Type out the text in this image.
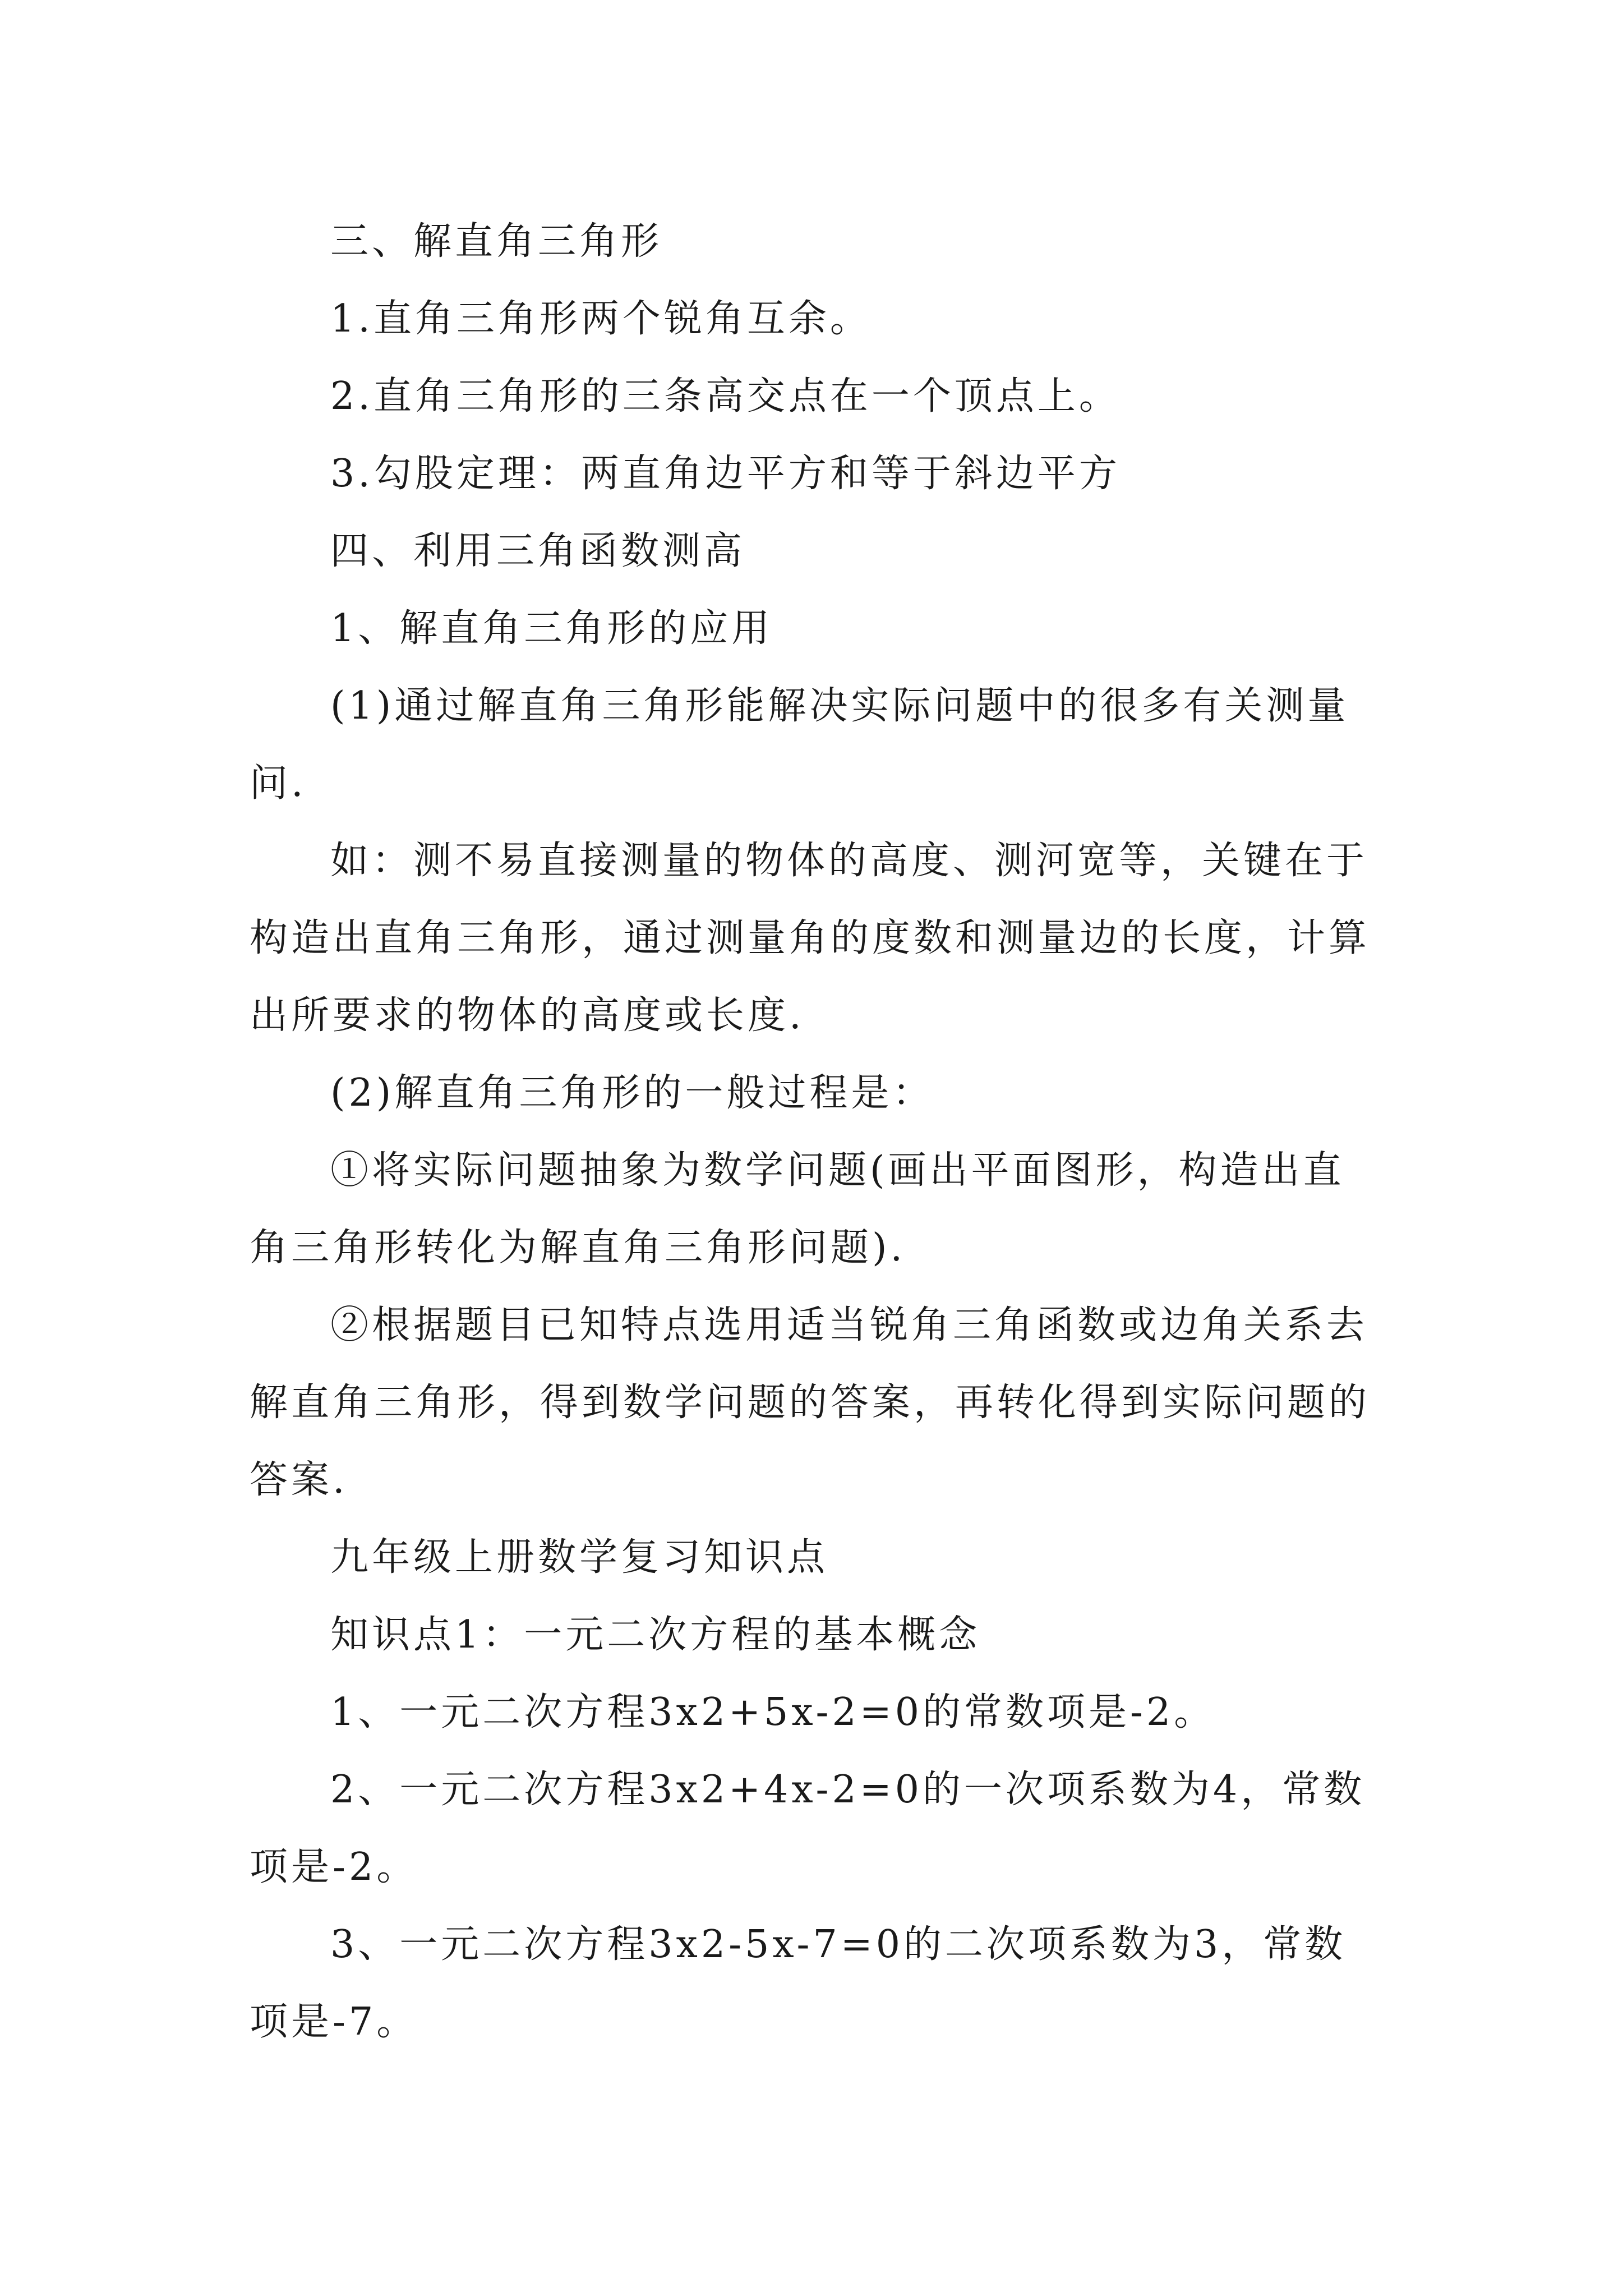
三、解直角三角形

1.直角三角形两个锐角互余。

2.直角三角形的三条高交点在一个顶点上。

3.勾股定理：两直角边平方和等于斜边平方

四、利用三角函数测高

1、解直角三角形的应用

(1)通过解直角三角形能解决实际问题中的很多有关测量问.

如：测不易直接测量的物体的高度、测河宽等，关键在于构造出直角三角形，通过测量角的度数和测量边的长度，计算出所要求的物体的高度或长度.

(2)解直角三角形的一般过程是：

①将实际问题抽象为数学问题(画出平面图形，构造出直角三角形转化为解直角三角形问题).

②根据题目已知特点选用适当锐角三角函数或边角关系去解直角三角形，得到数学问题的答案，再转化得到实际问题的答案.

九年级上册数学复习知识点

知识点1：一元二次方程的基本概念

1、一元二次方程3x2+5x-2=0的常数项是-2。

2、一元二次方程3x2+4x-2=0的一次项系数为4，常数项是-2。

3、一元二次方程3x2-5x-7=0的二次项系数为3，常数项是-7。
